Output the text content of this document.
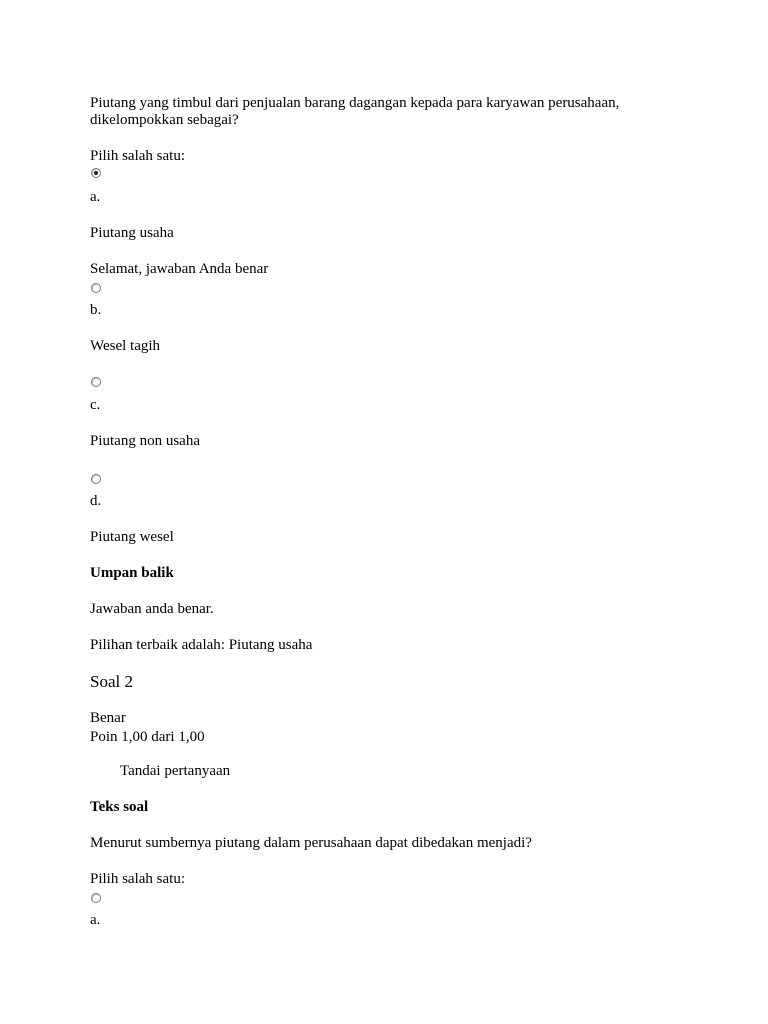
Piutang yang timbul dari penjualan barang dagangan kepada para karyawan perusahaan,
dikelompokkan sebagai?
Pilih salah satu:
a.
Piutang usaha
Selamat, jawaban Anda benar
b.
Wesel tagih
c.
Piutang non usaha
d.
Piutang wesel
Umpan balik
Jawaban anda benar.
Pilihan terbaik adalah: Piutang usaha
Soal 2
Benar
Poin 1,00 dari 1,00
Tandai pertanyaan
Teks soal
Menurut sumbernya piutang dalam perusahaan dapat dibedakan menjadi?
Pilih salah satu:
a.
